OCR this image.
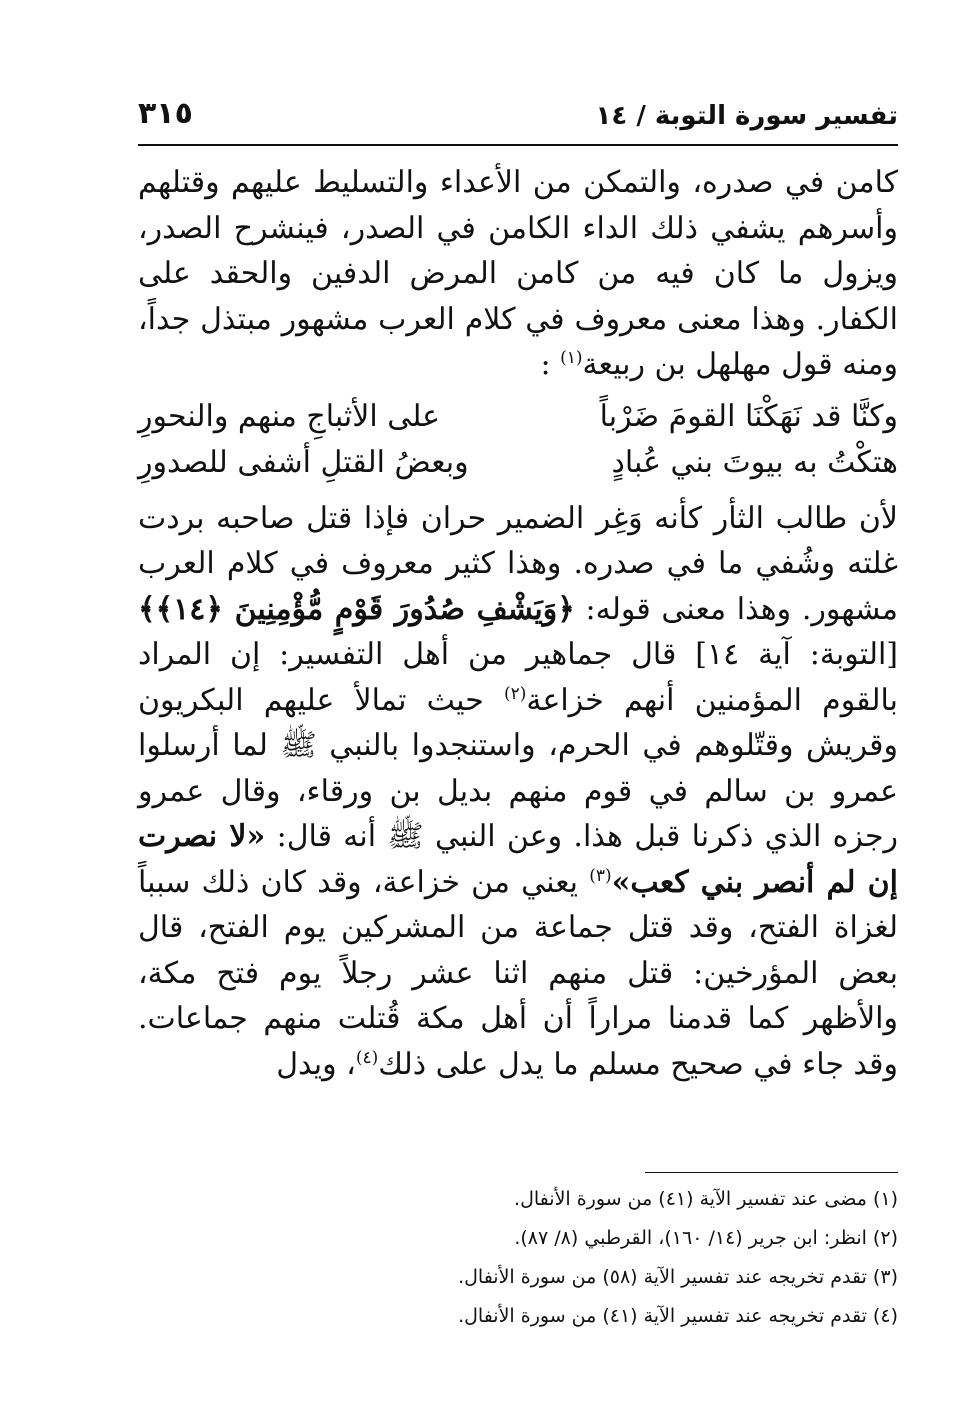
تفسير سورة التوبة / ١٤
٣١٥

كامن في صدره، والتمكن من الأعداء والتسليط عليهم وقتلهم وأسرهم يشفي ذلك الداء الكامن في الصدر، فينشرح الصدر، ويزول ما كان فيه من كامن المرض الدفين والحقد على الكفار. وهذا معنى معروف في كلام العرب مشهور مبتذل جداً، ومنه قول مهلهل بن ربيعة$^{(١)}$ :

وكنَّا قد نَهَكْنَا القومَ ضَرْباً
على الأثباجِ منهم والنحورِ
هتكْتُ به بيوتَ بني عُبادٍ
وبعضُ القتلِ أشفى للصدورِ

لأن طالب الثأر كأنه وَغِر الضمير حران فإذا قتل صاحبه بردت غلته وشُفي ما في صدره. وهذا كثير معروف في كلام العرب مشهور. وهذا معنى قوله: ﴿وَيَشْفِ صُدُورَ قَوْمٍ مُّؤْمِنِينَ ﴿١٤﴾﴾ [التوبة: آية ١٤] قال جماهير من أهل التفسير: إن المراد بالقوم المؤمنين أنهم خزاعة$^{(٢)}$ حيث تمالأ عليهم البكريون وقريش وقتّلوهم في الحرم، واستنجدوا بالنبي ﷺ لما أرسلوا عمرو بن سالم في قوم منهم بديل بن ورقاء، وقال عمرو رجزه الذي ذكرنا قبل هذا. وعن النبي ﷺ أنه قال: «لا نصرت إن لم أنصر بني كعب»$^{(٣)}$ يعني من خزاعة، وقد كان ذلك سبباً لغزاة الفتح، وقد قتل جماعة من المشركين يوم الفتح، قال بعض المؤرخين: قتل منهم اثنا عشر رجلاً يوم فتح مكة، والأظهر كما قدمنا مراراً أن أهل مكة قُتلت منهم جماعات. وقد جاء في صحيح مسلم ما يدل على ذلك$^{(٤)}$، ويدل

(١) مضى عند تفسير الآية (٤١) من سورة الأنفال.

(٢) انظر: ابن جرير (١٤/ ١٦٠)، القرطبي (٨/ ٨٧).

(٣) تقدم تخريجه عند تفسير الآية (٥٨) من سورة الأنفال.

(٤) تقدم تخريجه عند تفسير الآية (٤١) من سورة الأنفال.
